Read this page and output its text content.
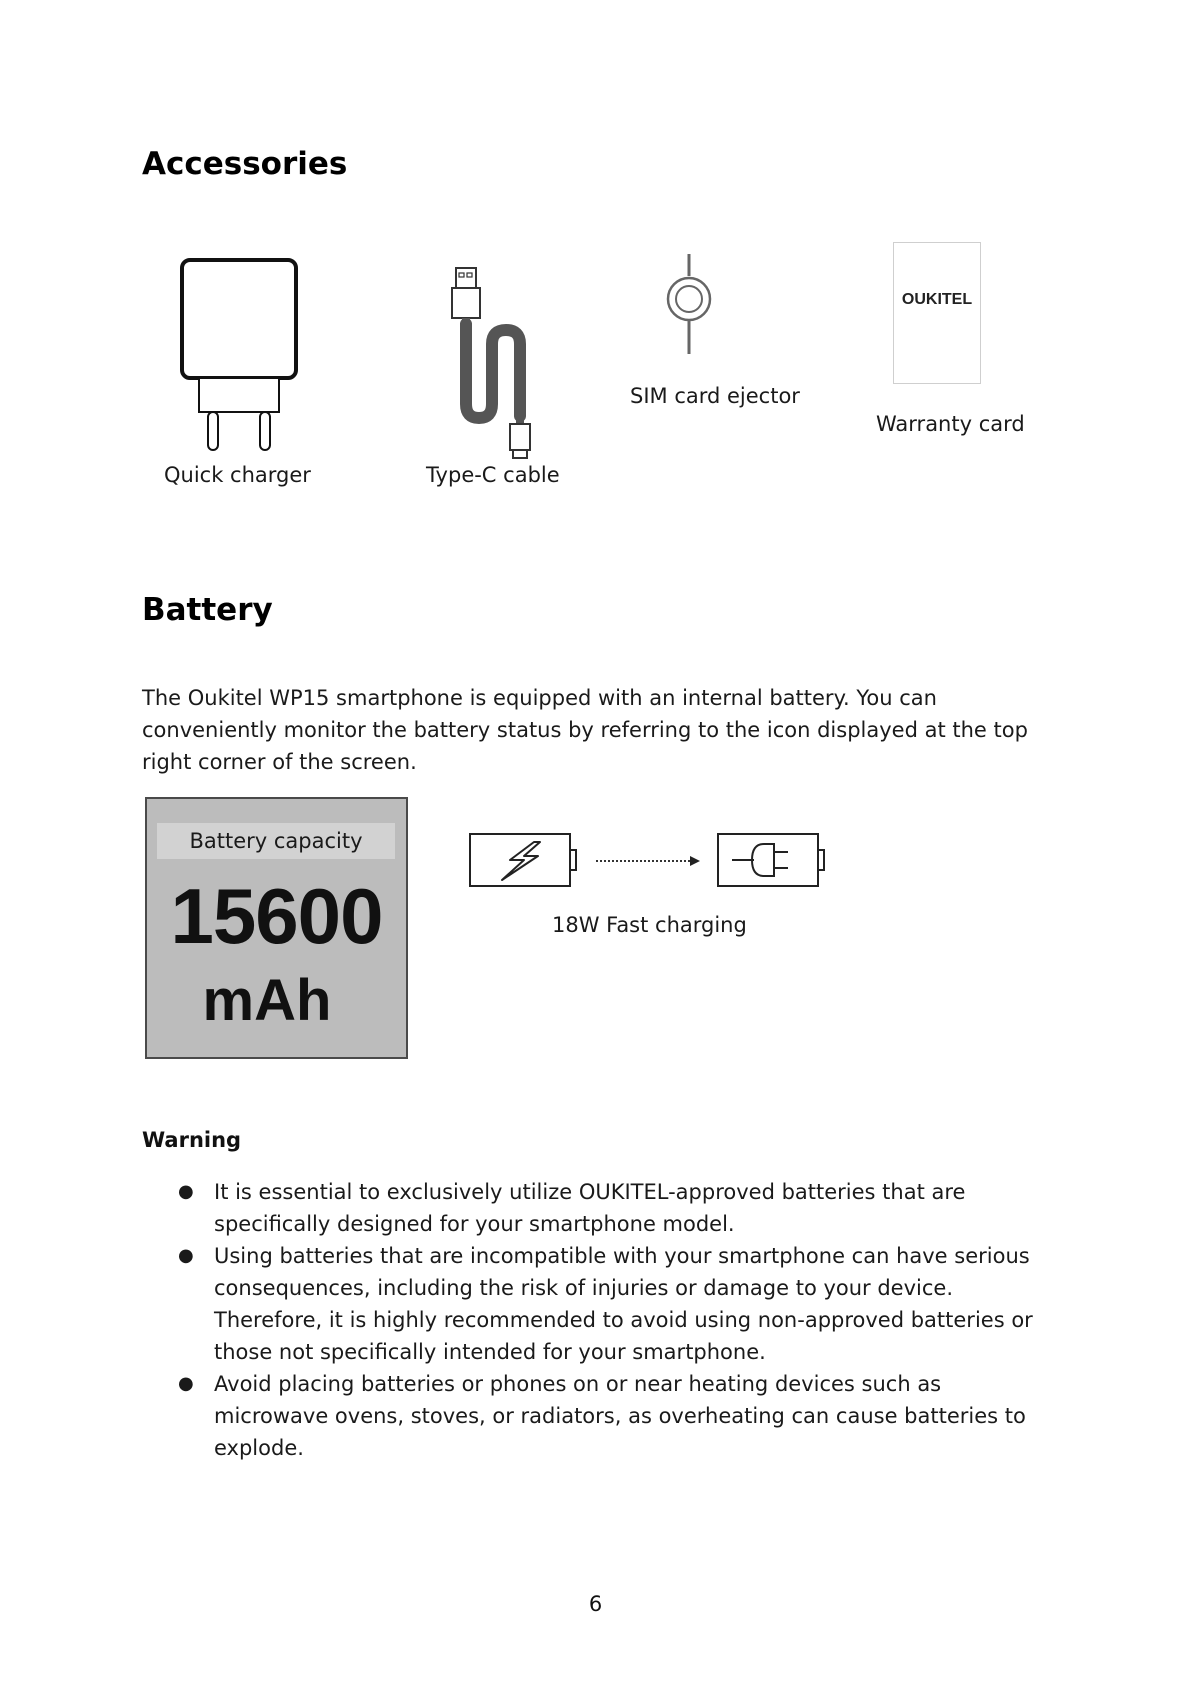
Accessories
Quick charger	Type-C cable
SIM card ejector
OUKITEL
Warranty card
Battery

The Oukitel WP15 smartphone is equipped with an internal battery. You can conveniently monitor the battery status by referring to the icon displayed at the top right corner of the screen.

Battery capacity
15600
mAh
18W Fast charging

Warning

● It is essential to exclusively utilize OUKITEL-approved batteries that are specifically designed for your smartphone model.
● Using batteries that are incompatible with your smartphone can have serious consequences, including the risk of injuries or damage to your device. Therefore, it is highly recommended to avoid using non-approved batteries or those not specifically intended for your smartphone.
● Avoid placing batteries or phones on or near heating devices such as microwave ovens, stoves, or radiators, as overheating can cause batteries to explode.
6
